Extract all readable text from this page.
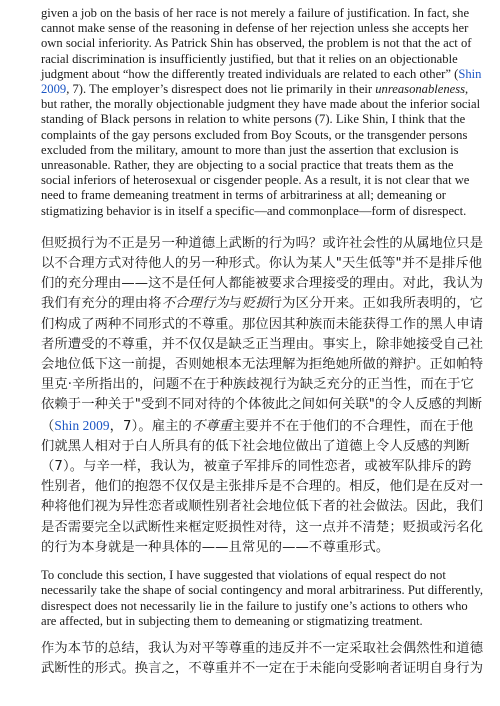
given a job on the basis of her race is not merely a failure of justification. In fact, she cannot make sense of the reasoning in defense of her rejection unless she accepts her own social inferiority. As Patrick Shin has observed, the problem is not that the act of racial discrimination is insufficiently justified, but that it relies on an objectionable judgment about “how the differently treated individuals are related to each other” (Shin 2009, 7). The employer’s disrespect does not lie primarily in their unreasonableness, but rather, the morally objectionable judgment they have made about the inferior social standing of Black persons in relation to white persons (7). Like Shin, I think that the complaints of the gay persons excluded from Boy Scouts, or the transgender persons excluded from the military, amount to more than just the assertion that exclusion is unreasonable. Rather, they are objecting to a social practice that treats them as the social inferiors of heterosexual or cisgender people. As a result, it is not clear that we need to frame demeaning treatment in terms of arbitrariness at all; demeaning or stigmatizing behavior is in itself a specific—and commonplace—form of disrespect.

但贬损行为不正是另一种道德上武断的行为吗？或许社会性的从属地位只是以不合理方式对待他人的另一种形式。你认为某人"天生低等"并不是排斥他们的充分理由——这不是任何人都能被要求合理接受的理由。对此，我认为我们有充分的理由将不合理行为与贬损行为区分开来。正如我所表明的，它们构成了两种不同形式的不尊重。那位因其种族而未能获得工作的黑人申请者所遭受的不尊重，并不仅仅是缺乏正当理由。事实上，除非她接受自己社会地位低下这一前提，否则她根本无法理解为拒绝她所做的辩护。正如帕特里克·辛所指出的，问题不在于种族歧视行为缺乏充分的正当性，而在于它依赖于一种关于"受到不同对待的个体彼此之间如何关联"的令人反感的判断（Shin 2009，7）。雇主的不尊重主要并不在于他们的不合理性，而在于他们就黑人相对于白人所具有的低下社会地位做出了道德上令人反感的判断（7）。与辛一样，我认为，被童子军排斥的同性恋者，或被军队排斥的跨性别者，他们的抱怨不仅仅是主张排斥是不合理的。相反，他们是在反对一种将他们视为异性恋者或顺性别者社会地位低下者的社会做法。因此，我们是否需要完全以武断性来框定贬损性对待，这一点并不清楚；贬损或污名化的行为本身就是一种具体的——且常见的——不尊重形式。

To conclude this section, I have suggested that violations of equal respect do not necessarily take the shape of social contingency and moral arbitrariness. Put differently, disrespect does not necessarily lie in the failure to justify one’s actions to others who are affected, but in subjecting them to demeaning or stigmatizing treatment.

作为本节的总结，我认为对平等尊重的违反并不一定采取社会偶然性和道德武断性的形式。换言之，不尊重并不一定在于未能向受影响者证明自身行为
